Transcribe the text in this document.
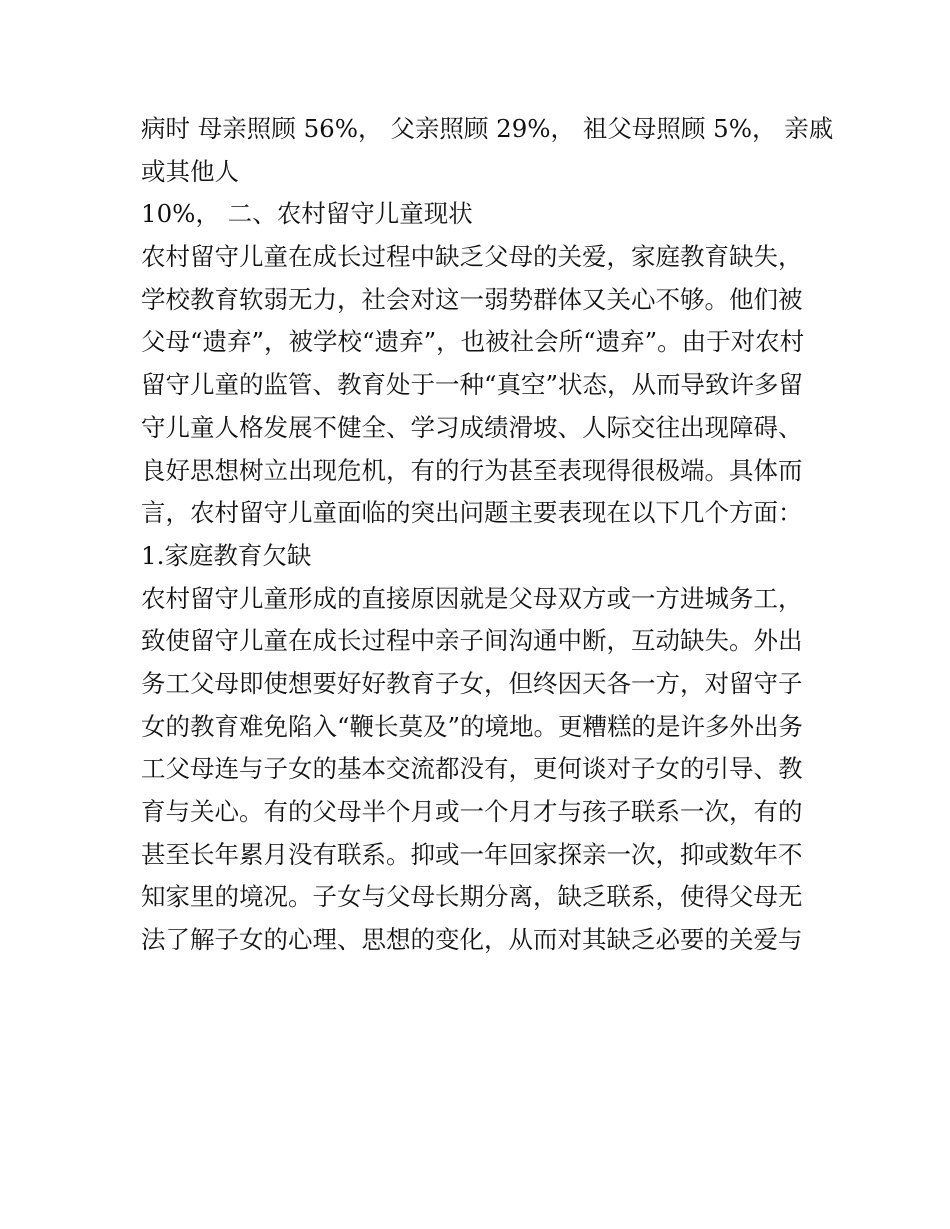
病时 母亲照顾 56%， 父亲照顾 29%， 祖父母照顾 5%， 亲戚
或其他人
10%， 二、农村留守儿童现状
农村留守儿童在成长过程中缺乏父母的关爱，家庭教育缺失，
学校教育软弱无力，社会对这一弱势群体又关心不够。他们被
父母“遗弃”，被学校“遗弃”，也被社会所“遗弃”。由于对农村
留守儿童的监管、教育处于一种“真空”状态，从而导致许多留
守儿童人格发展不健全、学习成绩滑坡、人际交往出现障碍、
良好思想树立出现危机，有的行为甚至表现得很极端。具体而
言，农村留守儿童面临的突出问题主要表现在以下几个方面：
1.家庭教育欠缺
农村留守儿童形成的直接原因就是父母双方或一方进城务工，
致使留守儿童在成长过程中亲子间沟通中断，互动缺失。外出
务工父母即使想要好好教育子女，但终因天各一方，对留守子
女的教育难免陷入“鞭长莫及”的境地。更糟糕的是许多外出务
工父母连与子女的基本交流都没有，更何谈对子女的引导、教
育与关心。有的父母半个月或一个月才与孩子联系一次，有的
甚至长年累月没有联系。抑或一年回家探亲一次，抑或数年不
知家里的境况。子女与父母长期分离，缺乏联系，使得父母无
法了解子女的心理、思想的变化，从而对其缺乏必要的关爱与
